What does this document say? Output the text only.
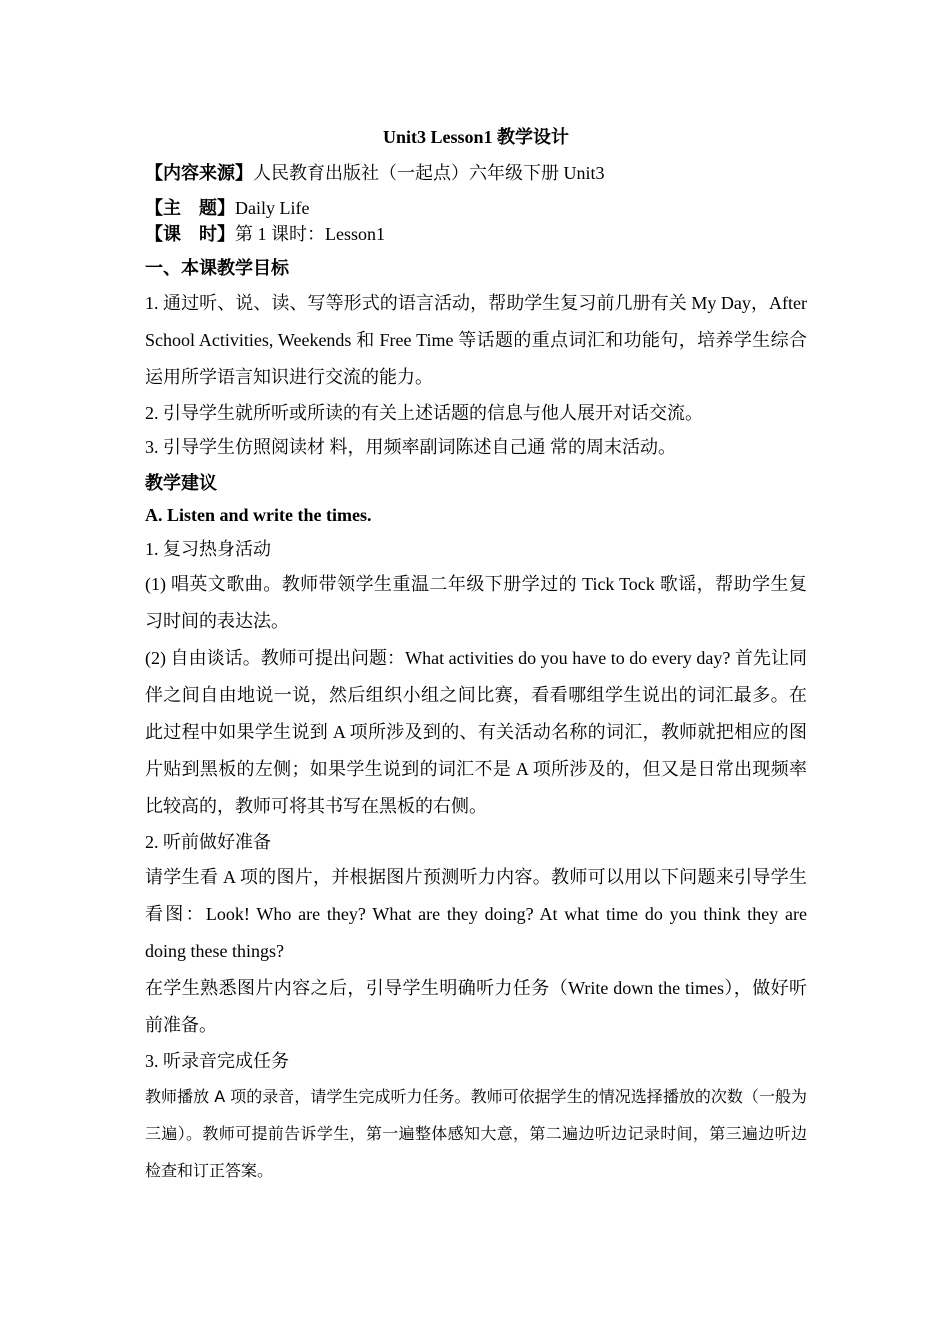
Unit3 Lesson1 教学设计

【内容来源】人民教育出版社（一起点）六年级下册 Unit3

【主　题】Daily Life

【课　时】第 1 课时：Lesson1

一、本课教学目标

1. 通过听、说、读、写等形式的语言活动，帮助学生复习前几册有关 My Day，After School Activities, Weekends 和 Free Time 等话题的重点词汇和功能句，培养学生综合运用所学语言知识进行交流的能力。

2. 引导学生就所听或所读的有关上述话题的信息与他人展开对话交流。

3. 引导学生仿照阅读材 料，用频率副词陈述自己通 常的周末活动。

教学建议

A. Listen and write the times.

1. 复习热身活动

(1) 唱英文歌曲。教师带领学生重温二年级下册学过的 Tick Tock 歌谣，帮助学生复习时间的表达法。

(2) 自由谈话。教师可提出问题：What activities do you have to do every day? 首先让同伴之间自由地说一说，然后组织小组之间比赛，看看哪组学生说出的词汇最多。在此过程中如果学生说到 A 项所涉及到的、有关活动名称的词汇，教师就把相应的图片贴到黑板的左侧；如果学生说到的词汇不是 A 项所涉及的，但又是日常出现频率比较高的，教师可将其书写在黑板的右侧。

2. 听前做好准备

请学生看 A 项的图片，并根据图片预测听力内容。教师可以用以下问题来引导学生看图：Look! Who are they? What are they doing? At what time do you think they are doing these things?

在学生熟悉图片内容之后，引导学生明确听力任务（Write down the times），做好听前准备。

3. 听录音完成任务

教师播放 A 项的录音，请学生完成听力任务。教师可依据学生的情况选择播放的次数（一般为三遍）。教师可提前告诉学生，第一遍整体感知大意，第二遍边听边记录时间，第三遍边听边检查和订正答案。
